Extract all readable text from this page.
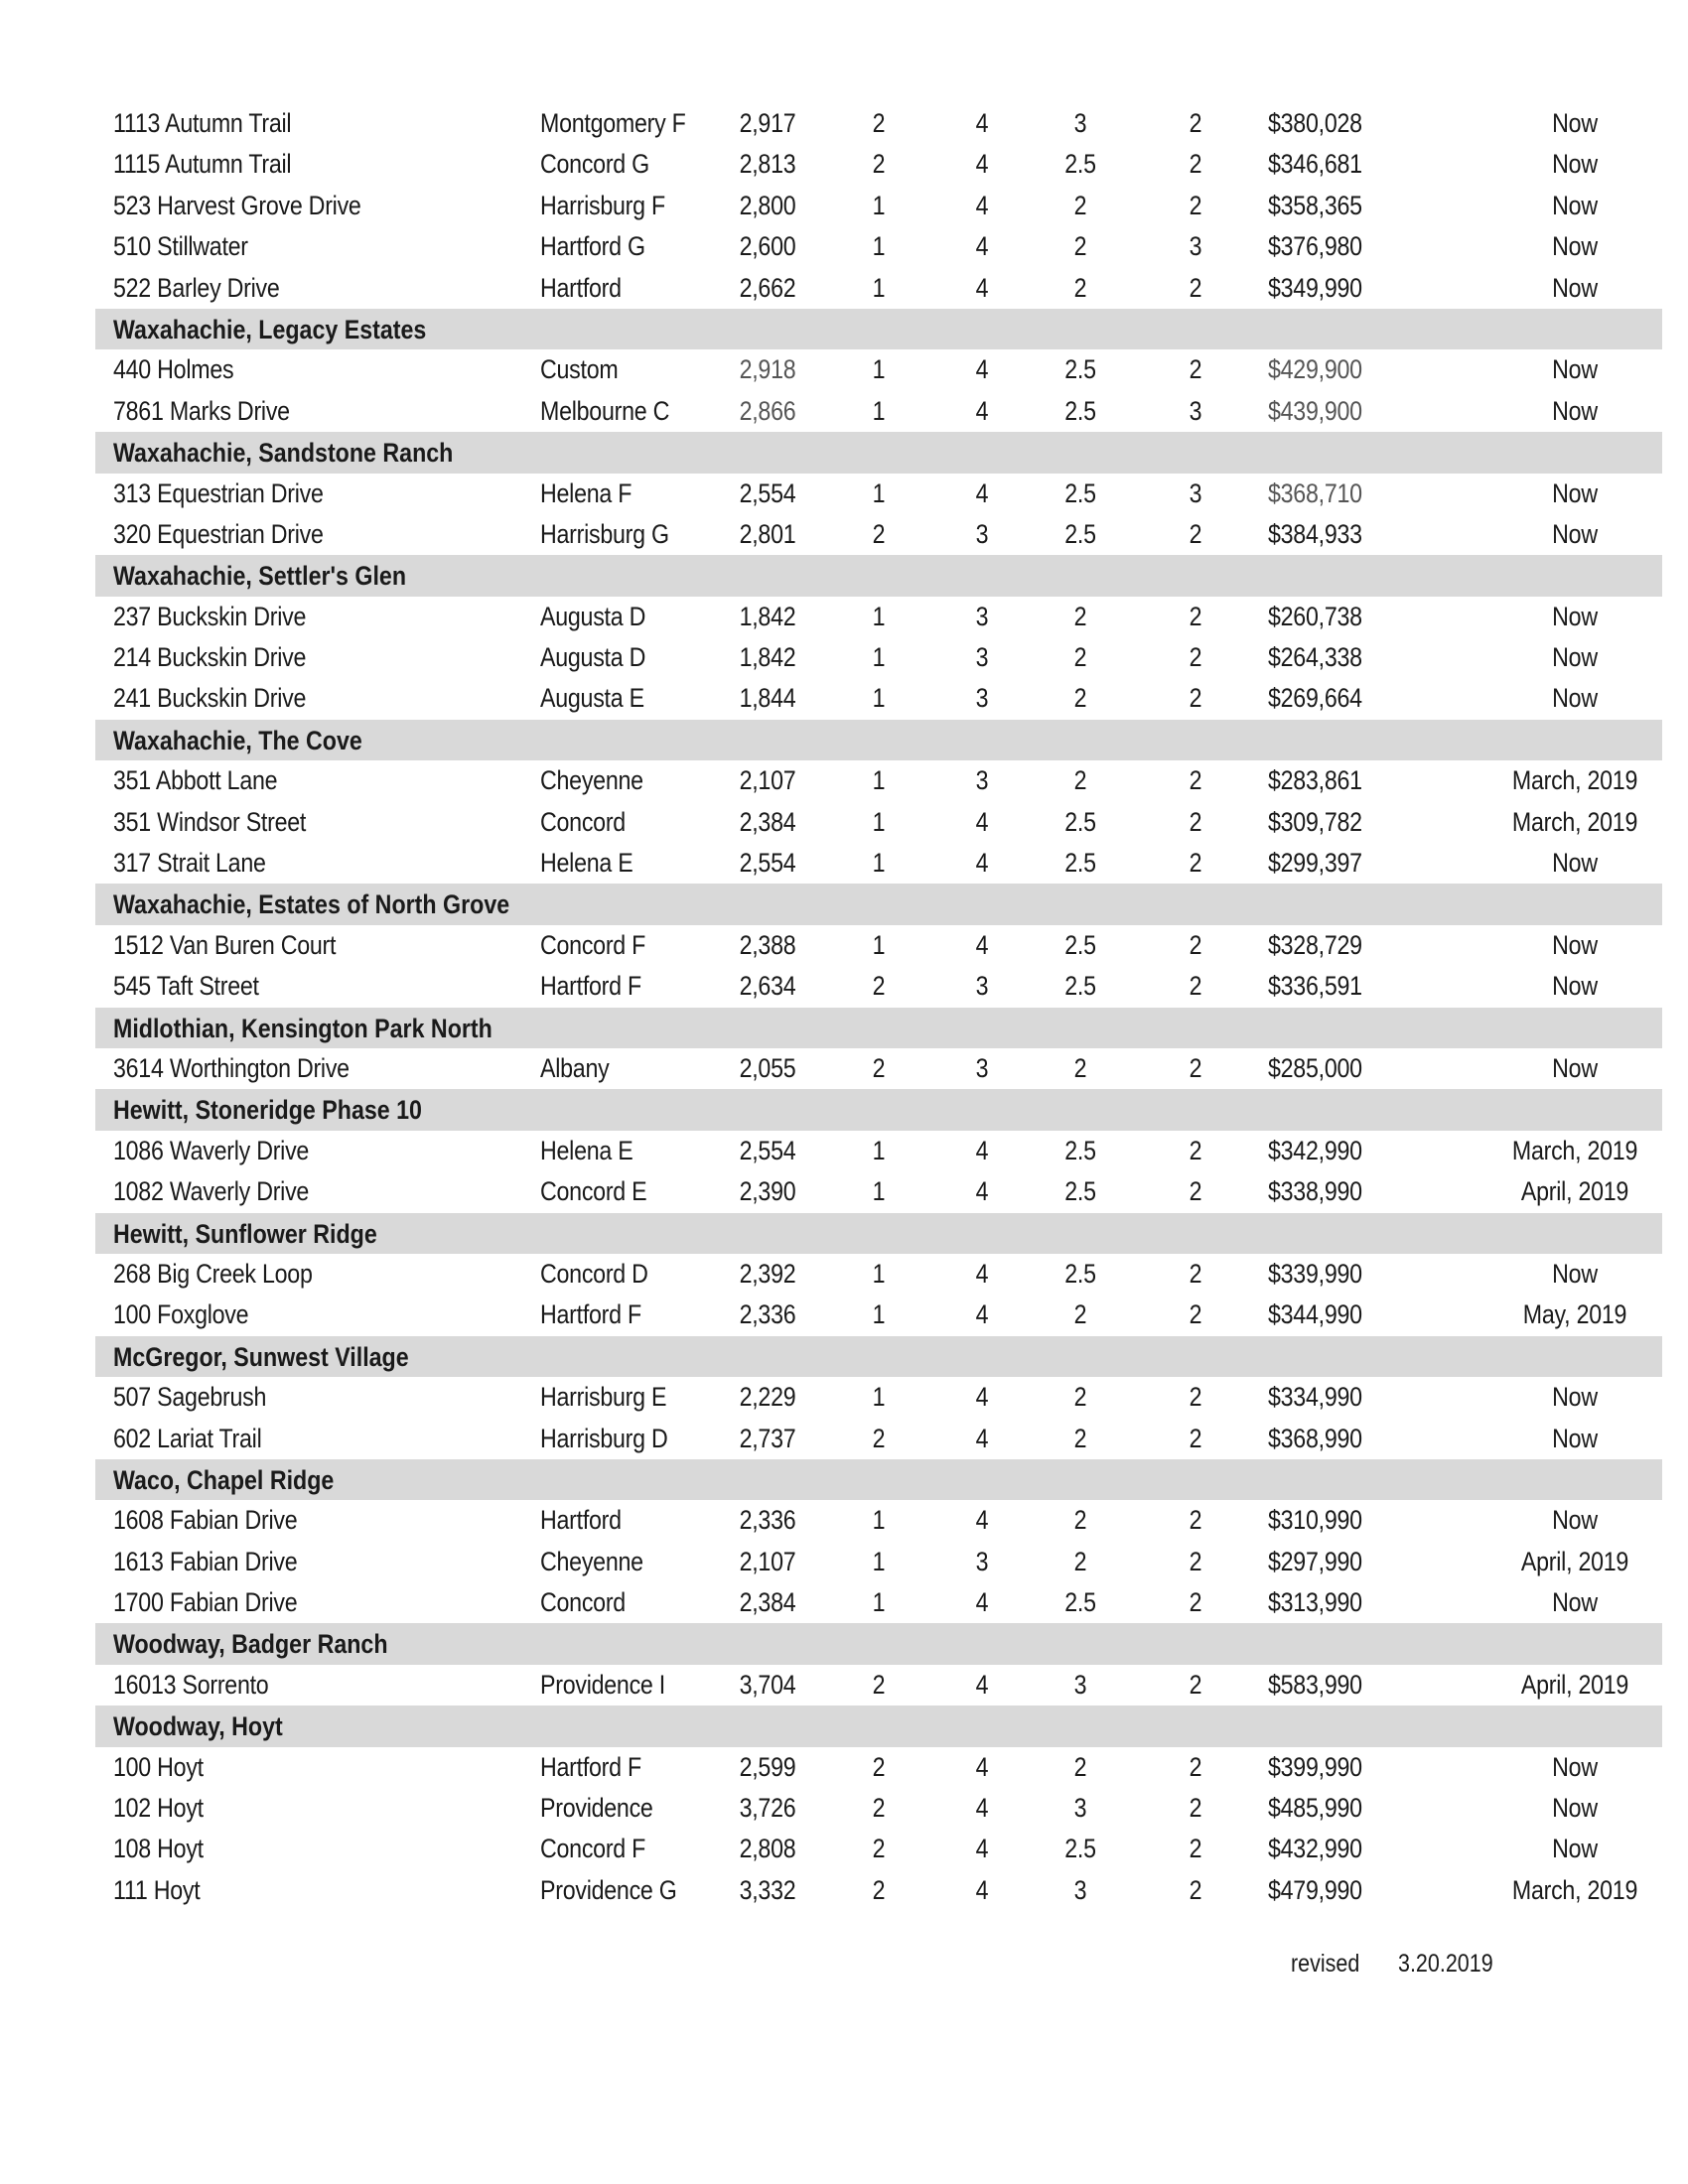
1113 Autumn Trail	Montgomery F	2,917	2	4	3	2	$380,028	Now
1115 Autumn Trail	Concord G	2,813	2	4	2.5	2	$346,681	Now
523 Harvest Grove Drive	Harrisburg F	2,800	1	4	2	2	$358,365	Now
510 Stillwater	Hartford G	2,600	1	4	2	3	$376,980	Now
522 Barley Drive	Hartford	2,662	1	4	2	2	$349,990	Now
Waxahachie, Legacy Estates
440 Holmes	Custom	2,918	1	4	2.5	2	$429,900	Now
7861 Marks Drive	Melbourne C	2,866	1	4	2.5	3	$439,900	Now
Waxahachie, Sandstone Ranch
313 Equestrian Drive	Helena F	2,554	1	4	2.5	3	$368,710	Now
320 Equestrian Drive	Harrisburg G	2,801	2	3	2.5	2	$384,933	Now
Waxahachie, Settler's Glen
237 Buckskin Drive	Augusta D	1,842	1	3	2	2	$260,738	Now
214 Buckskin Drive	Augusta D	1,842	1	3	2	2	$264,338	Now
241 Buckskin Drive	Augusta E	1,844	1	3	2	2	$269,664	Now
Waxahachie, The Cove
351 Abbott Lane	Cheyenne	2,107	1	3	2	2	$283,861	March, 2019
351 Windsor Street	Concord	2,384	1	4	2.5	2	$309,782	March, 2019
317 Strait Lane	Helena E	2,554	1	4	2.5	2	$299,397	Now
Waxahachie, Estates of North Grove
1512 Van Buren Court	Concord F	2,388	1	4	2.5	2	$328,729	Now
545 Taft Street	Hartford F	2,634	2	3	2.5	2	$336,591	Now
Midlothian, Kensington Park North
3614 Worthington Drive	Albany	2,055	2	3	2	2	$285,000	Now
Hewitt, Stoneridge Phase 10
1086 Waverly Drive	Helena E	2,554	1	4	2.5	2	$342,990	March, 2019
1082 Waverly Drive	Concord E	2,390	1	4	2.5	2	$338,990	April, 2019
Hewitt, Sunflower Ridge
268 Big Creek Loop	Concord D	2,392	1	4	2.5	2	$339,990	Now
100 Foxglove	Hartford F	2,336	1	4	2	2	$344,990	May, 2019
McGregor, Sunwest Village
507 Sagebrush	Harrisburg E	2,229	1	4	2	2	$334,990	Now
602 Lariat Trail	Harrisburg D	2,737	2	4	2	2	$368,990	Now
Waco, Chapel Ridge
1608 Fabian Drive	Hartford	2,336	1	4	2	2	$310,990	Now
1613 Fabian Drive	Cheyenne	2,107	1	3	2	2	$297,990	April, 2019
1700 Fabian Drive	Concord	2,384	1	4	2.5	2	$313,990	Now
Woodway, Badger Ranch
16013 Sorrento	Providence I	3,704	2	4	3	2	$583,990	April, 2019
Woodway, Hoyt
100 Hoyt	Hartford F	2,599	2	4	2	2	$399,990	Now
102 Hoyt	Providence	3,726	2	4	3	2	$485,990	Now
108 Hoyt	Concord F	2,808	2	4	2.5	2	$432,990	Now
111 Hoyt	Providence G	3,332	2	4	3	2	$479,990	March, 2019
revised 3.20.2019
